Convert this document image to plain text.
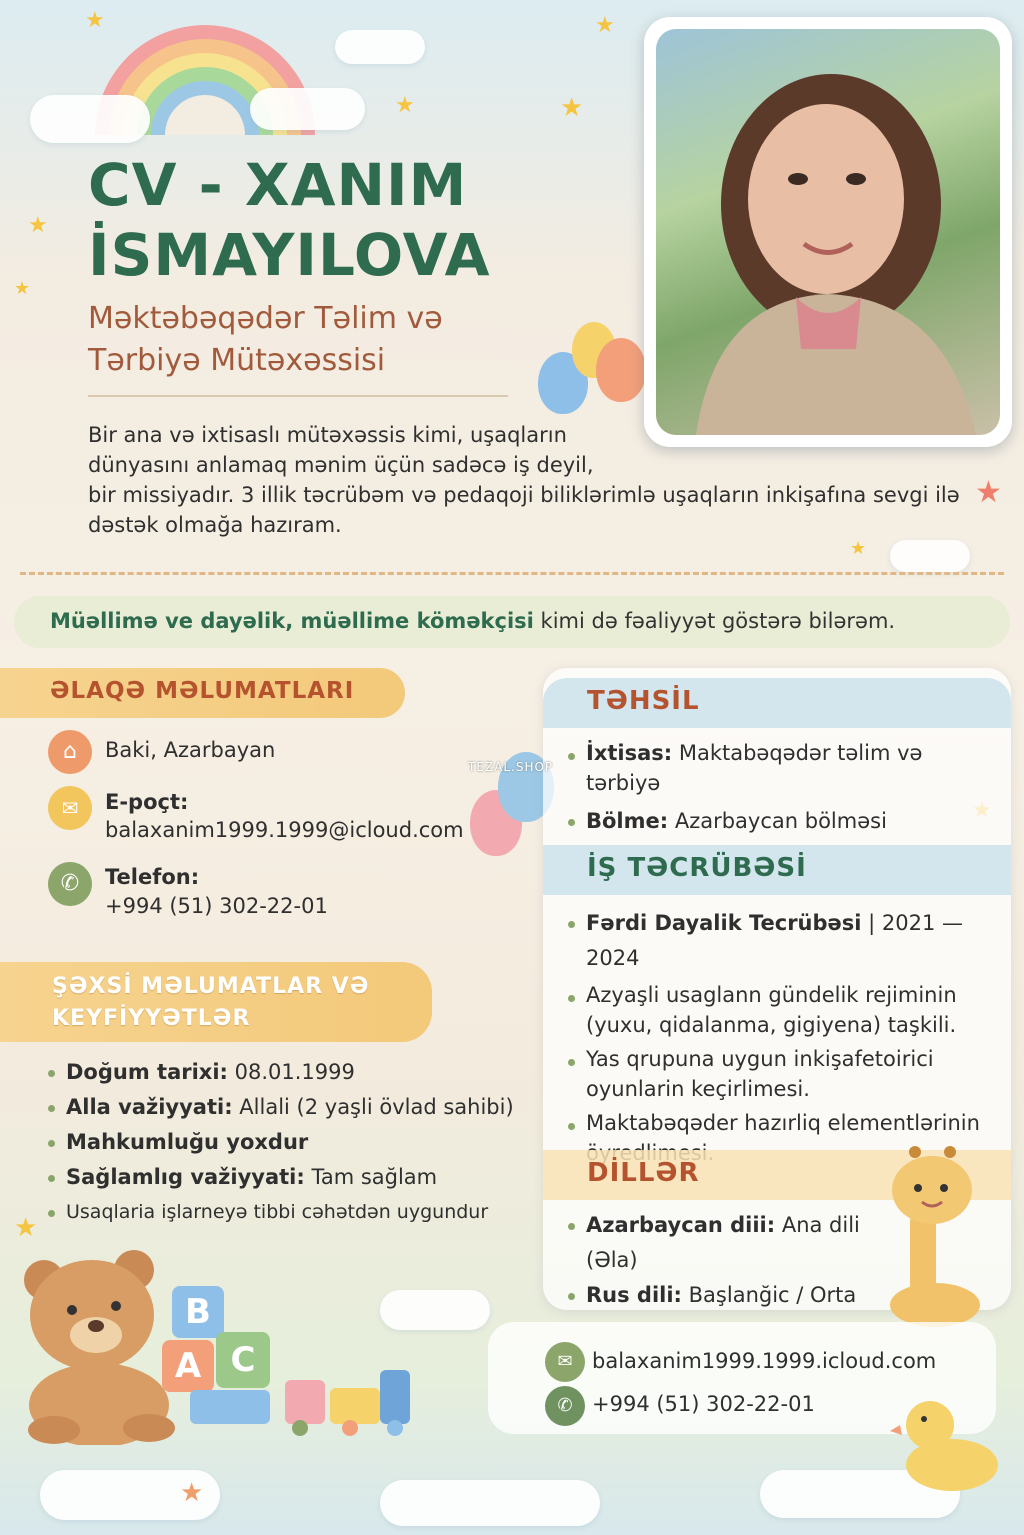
★
★	★
★
★
★
★
★
★
★
CV - XANIM
İSMAYILOVA
Məktəbəqədər Təlim və
Tərbiyə Mütəxəssisi
Bir ana və ixtisaslı mütəxəssis kimi, uşaqların
dünyasını anlamaq mənim üçün sadəcə iş deyil,
bir missiyadır. 3 illik təcrübəm və pedaqoji biliklərimlə uşaqların inkişafına sevgi ilə
dəstək olmağa hazıram.
Müəllimə ve dayəlik, müəllime köməkçisi kimi də fəaliyyət göstərə bilərəm.
ƏLAQƏ MƏLUMATLARI
⌂	Baki, Azarbayan
✉	E-poçt:
balaxanim1999.1999@icloud.com
✆	Telefon:
+994 (51) 302-22-01
ŞƏXSİ MƏLUMATLAR VƏ
KEYFİYYƏTLƏR
Doğum tarixi: 08.01.1999
Alla važiyyati: Allali (2 yaşli övlad sahibi)
Mahkumluğu yoxdur
Sağlamlıg važiyyati: Tam sağlam
Usaqlaria işlarneyə tibbi cəhətdən uygundur
TƏHSİL
İxtisas: Maktabəqədər təlim və
tərbiyə
Bölme: Azarbaycan bölməsi
İŞ TƏCRÜBƏSİ
Fərdi Dayalik Tecrübəsi | 2021 — 2024
Azyaşli usaglann gündelik rejiminin
(yuxu, qidalanma, gigiyena) taşkili.
Yas qrupuna uygun inkişafetoirici
oyunlarin keçirlimesi.
Maktabəqəder hazırliq elementlərinin

DİLLƏR
Azarbaycan diii: Ana dili (Əla)
Rus dili: Başlanğic / Orta
✉ balaxanim1999.1999.icloud.com
✆ +994 (51) 302-22-01
B
A C
TEZAL.SHOP
